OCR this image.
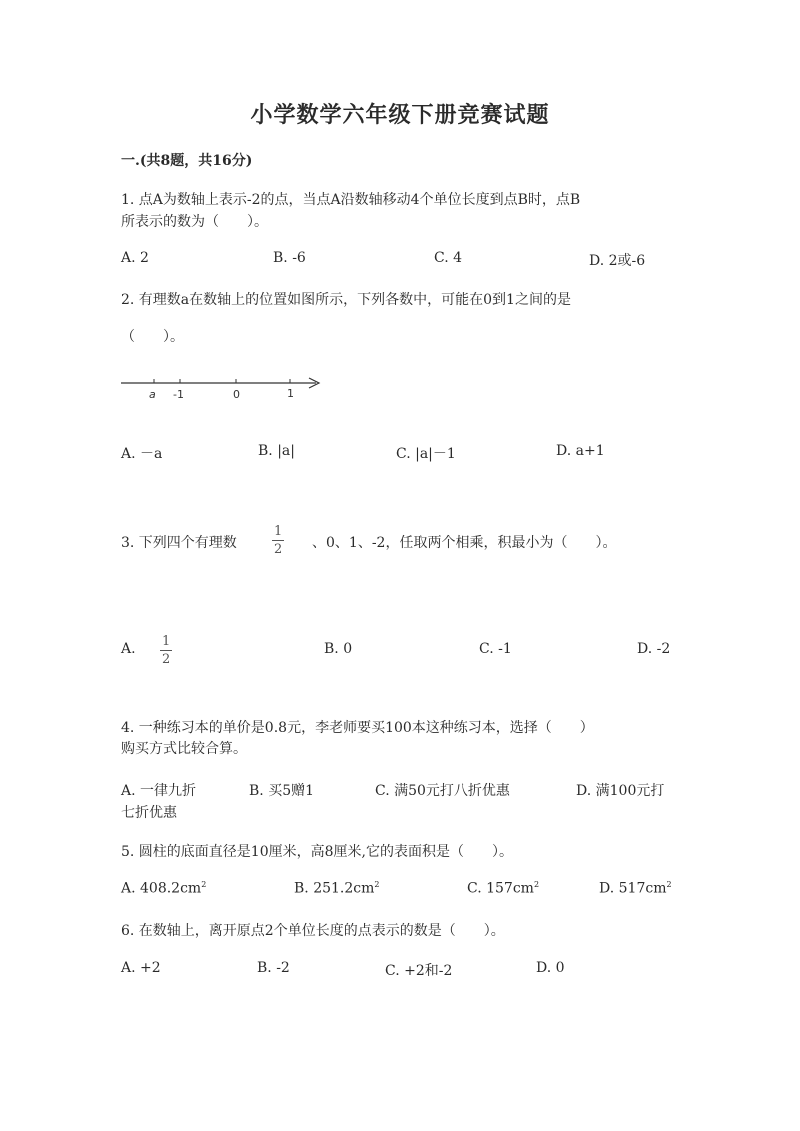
小学数学六年级下册竞赛试题
一.(共8题，共16分)
1. 点A为数轴上表示-2的点，当点A沿数轴移动4个单位长度到点B时，点B
所表示的数为（　　）。
A. 2	B. -6	C. 4	D. 2或-6
2. 有理数a在数轴上的位置如图所示，下列各数中，可能在0到1之间的是
（　　）。
a -1	0	1
A. －a	B. |a|	C. |a|－1	D. a+1
3. 下列四个有理数
1
2 、0、1、-2，任取两个相乘，积最小为（　　）。
A. 1
2
B. 0	C. -1	D. -2
4. 一种练习本的单价是0.8元，李老师要买100本这种练习本，选择（　　）
购买方式比较合算。
A. 一律九折	B. 买5赠1	C. 满50元打八折优惠	D. 满100元打
七折优惠
5. 圆柱的底面直径是10厘米，高8厘米,它的表面积是（　　）。
A. $408.2cm^2$	B. $251.2cm^2$	C. $157cm^2$	D. $517cm^2$
6. 在数轴上，离开原点2个单位长度的点表示的数是（　　）。
A. +2	B. -2	C. +2和-2	D. 0
